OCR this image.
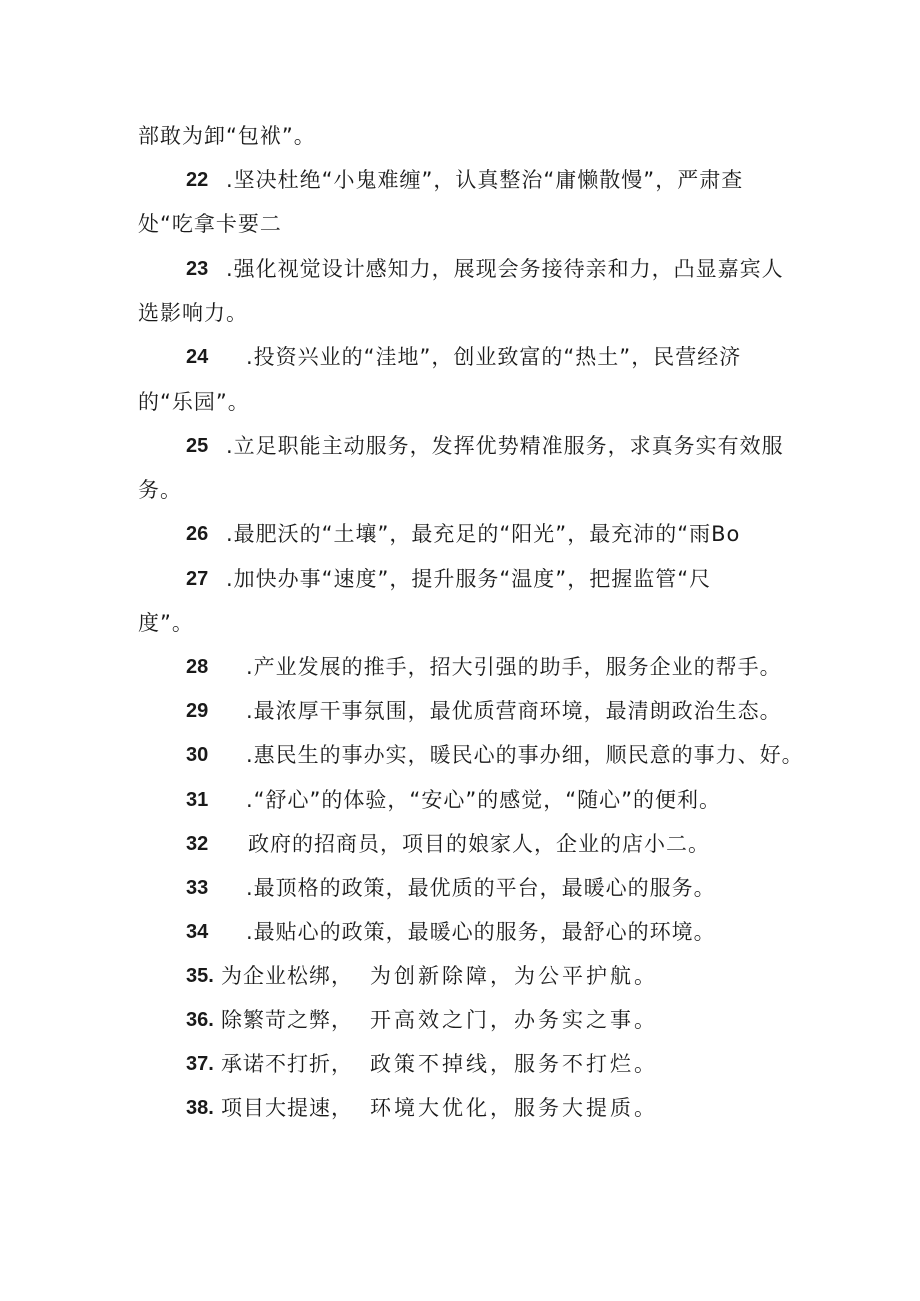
部敢为卸“包袱”。
22 .坚决杜绝“小鬼难缠”，认真整治“庸懒散慢”，严肃查
处“吃拿卡要二
23 .强化视觉设计感知力，展现会务接待亲和力，凸显嘉宾人
选影响力。
24 .投资兴业的“洼地”，创业致富的“热土”，民营经济
的“乐园”。
25 .立足职能主动服务，发挥优势精准服务，求真务实有效服
务。
26 .最肥沃的“土壤”，最充足的“阳光”，最充沛的“雨Bo
27 .加快办事“速度”，提升服务“温度”，把握监管“尺
度”。
28 .产业发展的推手，招大引强的助手，服务企业的帮手。
29 .最浓厚干事氛围，最优质营商环境，最清朗政治生态。
30 .惠民生的事办实，暖民心的事办细，顺民意的事力、好。
31 .“舒心”的体验，“安心”的感觉，“随心”的便利。
32 政府的招商员，项目的娘家人，企业的店小二。
33 .最顶格的政策，最优质的平台，最暖心的服务。
34 .最贴心的政策，最暖心的服务，最舒心的环境。
35. 为企业松绑， 为创新除障，为公平护航。
36. 除繁苛之弊， 开高效之门，办务实之事。
37. 承诺不打折， 政策不掉线，服务不打烂。
38. 项目大提速， 环境大优化，服务大提质。
